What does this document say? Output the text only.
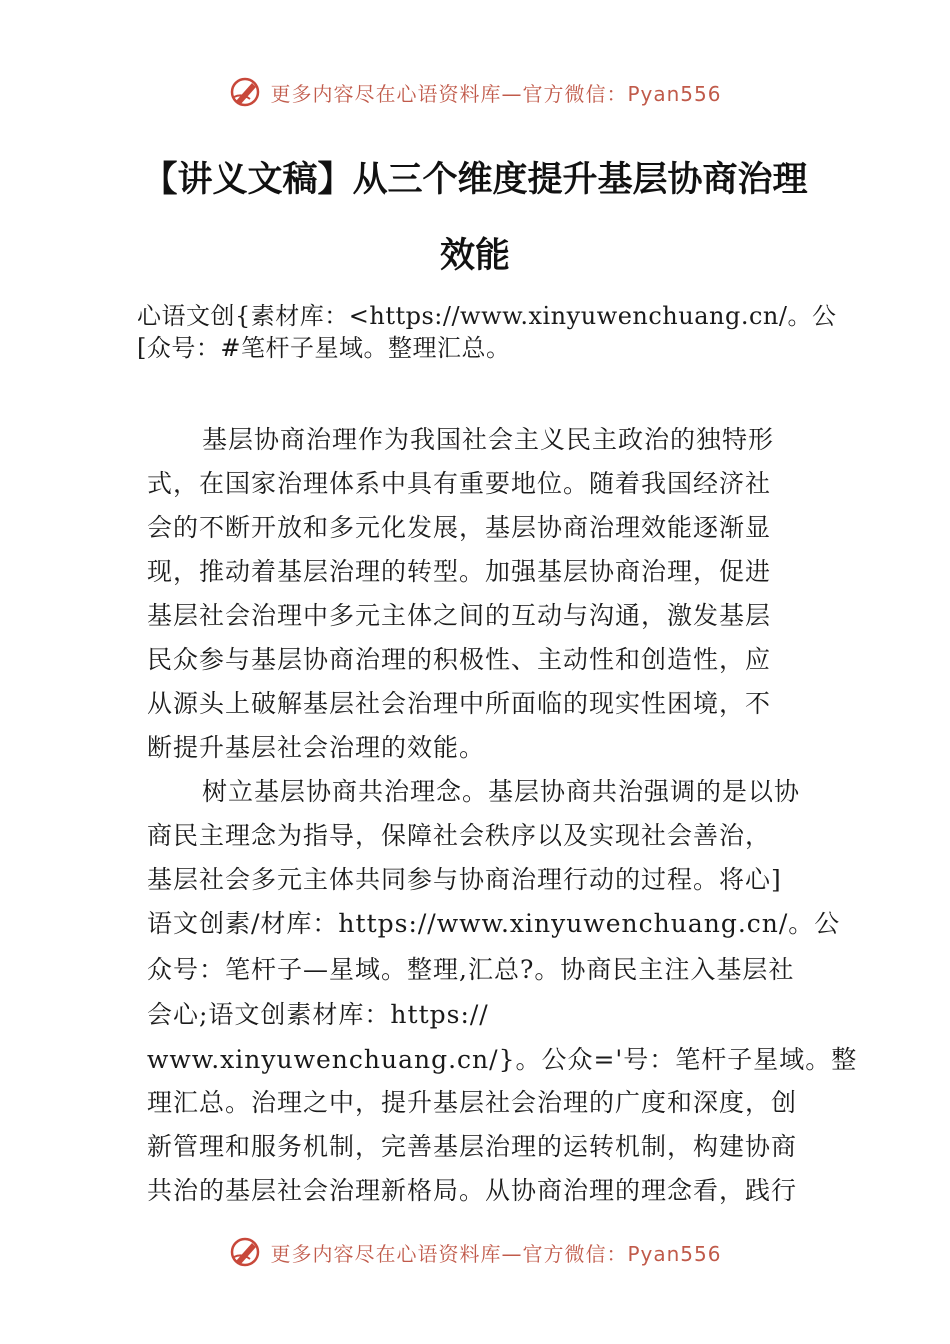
更多内容尽在心语资料库—官方微信：Pyan556
【讲义文稿】从三个维度提升基层协商治理
效能

心语文创{素材库：<https://www.xinyuwenchuang.cn/。公

[众号：#笔杆子星域。整理汇总。

基层协商治理作为我国社会主义民主政治的独特形

式，在国家治理体系中具有重要地位。随着我国经济社

会的不断开放和多元化发展，基层协商治理效能逐渐显

现，推动着基层治理的转型。加强基层协商治理，促进

基层社会治理中多元主体之间的互动与沟通，激发基层

民众参与基层协商治理的积极性、主动性和创造性，应

从源头上破解基层社会治理中所面临的现实性困境，不

断提升基层社会治理的效能。

树立基层协商共治理念。基层协商共治强调的是以协

商民主理念为指导，保障社会秩序以及实现社会善治，

基层社会多元主体共同参与协商治理行动的过程。将心]

语文创素/材库：https://www.xinyuwenchuang.cn/。公

众号：笔杆子—星域。整理,汇总?。协商民主注入基层社

会心;语文创素材库：https://

www.xinyuwenchuang.cn/}。公众='号：笔杆子星域。整

理汇总。治理之中，提升基层社会治理的广度和深度，创

新管理和服务机制，完善基层治理的运转机制，构建协商

共治的基层社会治理新格局。从协商治理的理念看，践行

更多内容尽在心语资料库—官方微信：Pyan556
